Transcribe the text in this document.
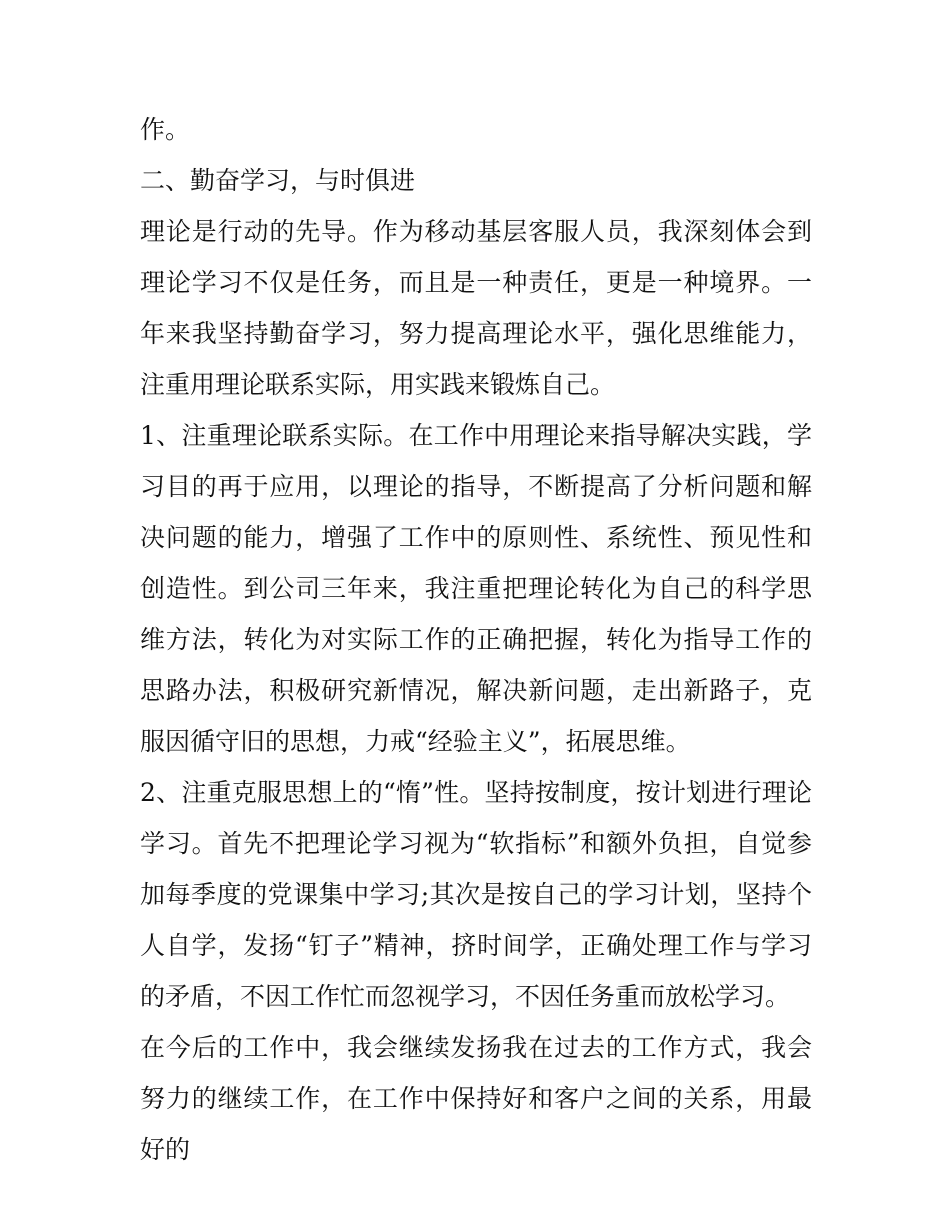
作。

二、勤奋学习，与时俱进

理论是行动的先导。作为移动基层客服人员，我深刻体会到理论学习不仅是任务，而且是一种责任，更是一种境界。一年来我坚持勤奋学习，努力提高理论水平，强化思维能力，注重用理论联系实际，用实践来锻炼自己。

1、注重理论联系实际。在工作中用理论来指导解决实践，学习目的再于应用，以理论的指导，不断提高了分析问题和解决问题的能力，增强了工作中的原则性、系统性、预见性和创造性。到公司三年来，我注重把理论转化为自己的科学思维方法，转化为对实际工作的正确把握，转化为指导工作的思路办法，积极研究新情况，解决新问题，走出新路子，克服因循守旧的思想，力戒“经验主义”，拓展思维。

2、注重克服思想上的“惰”性。坚持按制度，按计划进行理论学习。首先不把理论学习视为“软指标”和额外负担，自觉参加每季度的党课集中学习;其次是按自己的学习计划，坚持个人自学，发扬“钉子”精神，挤时间学，正确处理工作与学习的矛盾，不因工作忙而忽视学习，不因任务重而放松学习。

在今后的工作中，我会继续发扬我在过去的工作方式，我会努力的继续工作，在工作中保持好和客户之间的关系，用最好的
